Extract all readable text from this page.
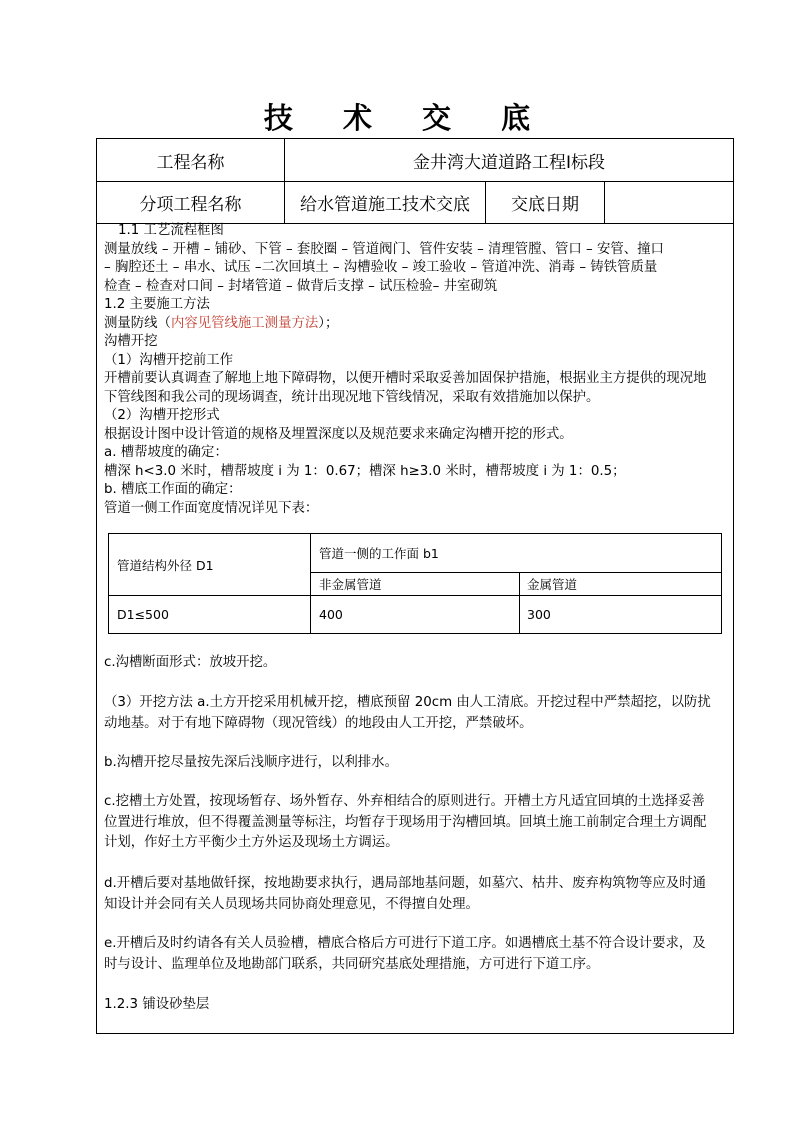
技 术 交 底
工程名称	金井湾大道道路工程Ⅰ标段
分项工程名称	给水管道施工技术交底	交底日期

1.1 工艺流程框图

测量放线 – 开槽 – 铺砂、下管 – 套胶圈 – 管道阀门、管件安装 – 清理管膛、管口 – 安管、撞口

– 胸腔还土 – 串水、试压 –二次回填土 – 沟槽验收 – 竣工验收 – 管道冲洗、消毒 – 铸铁管质量

检查 – 检查对口间 – 封堵管道 – 做背后支撑 – 试压检验– 井室砌筑

1.2 主要施工方法

测量防线（内容见管线施工测量方法）；

沟槽开挖

（1）沟槽开挖前工作

开槽前要认真调查了解地上地下障碍物，以便开槽时采取妥善加固保护措施，根据业主方提供的现况地

下管线图和我公司的现场调查，统计出现况地下管线情况，采取有效措施加以保护。

（2）沟槽开挖形式

根据设计图中设计管道的规格及埋置深度以及规范要求来确定沟槽开挖的形式。

a. 槽帮坡度的确定：

槽深 h<3.0 米时，槽帮坡度 i 为 1：0.67；槽深 h≥3.0 米时，槽帮坡度 i 为 1：0.5；

b. 槽底工作面的确定：

管道一侧工作面宽度情况详见下表：

管道结构外径 D1
管道一侧的工作面 b1
非金属管道	金属管道
D1≤500	400	300

c.沟槽断面形式：放坡开挖。

（3）开挖方法 a.土方开挖采用机械开挖，槽底预留 20cm 由人工清底。开挖过程中严禁超挖，以防扰

动地基。对于有地下障碍物（现况管线）的地段由人工开挖，严禁破坏。

b.沟槽开挖尽量按先深后浅顺序进行，以利排水。

c.挖槽土方处置，按现场暂存、场外暂存、外弃相结合的原则进行。开槽土方凡适宜回填的土选择妥善

位置进行堆放，但不得覆盖测量等标注，均暂存于现场用于沟槽回填。回填土施工前制定合理土方调配

计划，作好土方平衡少土方外运及现场土方调运。

d.开槽后要对基地做钎探，按地勘要求执行，遇局部地基问题，如墓穴、枯井、废弃构筑物等应及时通

知设计并会同有关人员现场共同协商处理意见，不得擅自处理。

e.开槽后及时约请各有关人员验槽，槽底合格后方可进行下道工序。如遇槽底土基不符合设计要求，及

时与设计、监理单位及地勘部门联系，共同研究基底处理措施，方可进行下道工序。

1.2.3 铺设砂垫层
